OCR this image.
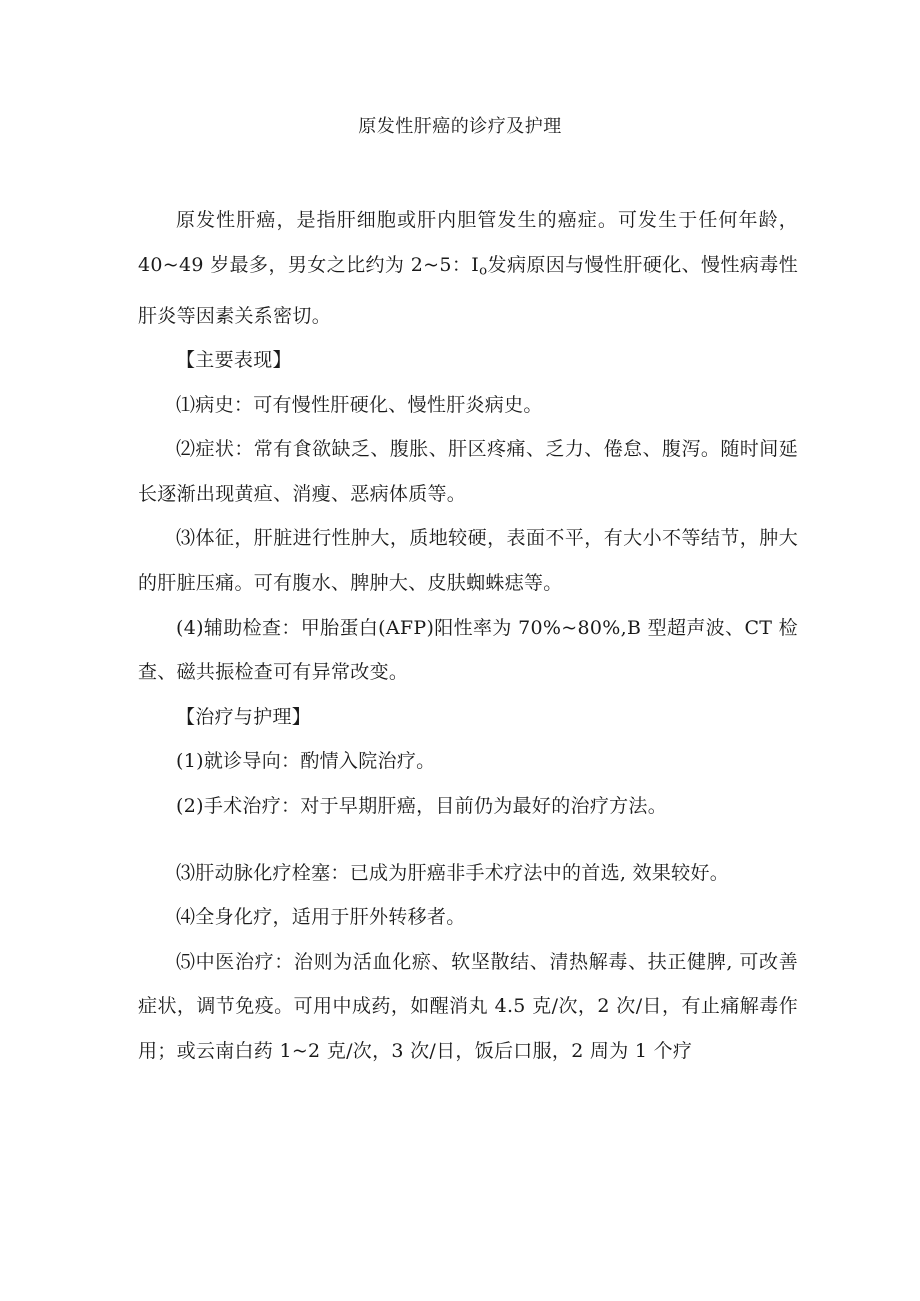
原发性肝癌的诊疗及护理

原发性肝癌，是指肝细胞或肝内胆管发生的癌症。可发生于任何年龄，40~49 岁最多，男女之比约为 2~5：$I_o$发病原因与慢性肝硬化、慢性病毒性肝炎等因素关系密切。

【主要表现】

⑴病史：可有慢性肝硬化、慢性肝炎病史。

⑵症状：常有食欲缺乏、腹胀、肝区疼痛、乏力、倦怠、腹泻。随时间延长逐渐出现黄疸、消瘦、恶病体质等。

⑶体征，肝脏进行性肿大，质地较硬，表面不平，有大小不等结节，肿大的肝脏压痛。可有腹水、脾肿大、皮肤蜘蛛痣等。

(4)辅助检查：甲胎蛋白(AFP)阳性率为 70%~80%,B 型超声波、CT 检查、磁共振检查可有异常改变。

【治疗与护理】

(1)就诊导向：酌情入院治疗。

(2)手术治疗：对于早期肝癌，目前仍为最好的治疗方法。

⑶肝动脉化疗栓塞：已成为肝癌非手术疗法中的首选, 效果较好。

⑷全身化疗，适用于肝外转移者。

⑸中医治疗：治则为活血化瘀、软坚散结、清热解毒、扶正健脾, 可改善症状，调节免疫。可用中成药，如醒消丸 4.5 克/次，2 次/日，有止痛解毒作用；或云南白药 1~2 克/次，3 次/日，饭后口服，2 周为 1 个疗
